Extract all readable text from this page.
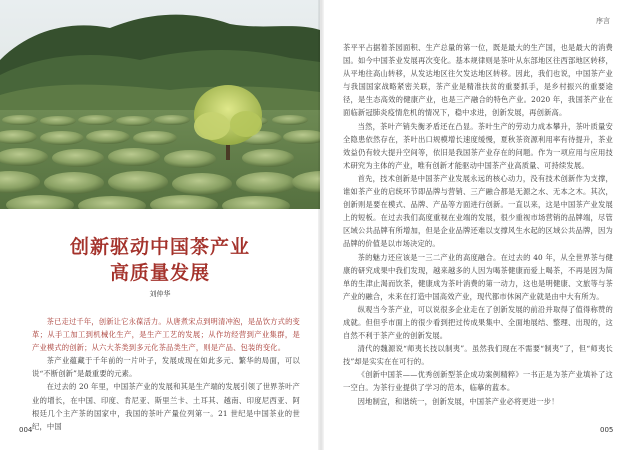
创新驱动中国茶产业
高质量发展
刘仲华

茶已走过千年，创新让它永葆活力。从唐煮宋点到明清冲泡，是品饮方式的变革；从手工加工到机械化生产，是生产工艺的发展；从作坊经营到产业集群，是产业模式的创新；从六大茶类到多元化茶品类生产，则是产品、包装的变化。

茶产业蕴藏于千年前的一片叶子，发展成现在如此多元、繁华的局面，可以说“不断创新”是最重要的元素。

在过去的 20 年里，中国茶产业的发展和其是生产端的发展引领了世界茶叶产业的增长，在中国、印度、肯尼亚、斯里兰卡、土耳其、越南、印度尼西亚、阿根廷几个主产茶的国家中，我国的茶叶产量位列第一。21 世纪是中国茶业的世纪，中国

004
序言

茶平平占据着茶园面积、生产总量的第一位，既是最大的生产国，也是最大的消费国。如今中国茶业发展再次变化。基本规律则是茶叶从东部地区往西部地区转移，从平地往高山转移，从发达地区往欠发达地区转移。因此，我们也说，中国茶产业与我国国家战略紧密关联，茶产业是精准扶贫的重要抓手，是乡村振兴的重要途径，是生态高效的健康产业，也是三产融合的特色产业。2020 年，我国茶产业在面临新冠肺炎疫情危机的情况下，稳中求进，创新发展，再创新高。

当然，茶叶产销失衡矛盾还在凸显。茶叶生产的劳动力成本攀升，茶叶质量安全隐患依然存在，茶叶出口规模增长速度缓慢，夏秋茶资源利用率有待提升，茶业效益仍有较大提升空间等，依旧是我国茶产业存在的问题。作为一项应用与应用技术研究为主体的产业，唯有创新才能驱动中国茶产业高质量、可持续发展。

首先，技术创新是中国茶产业发展永远的核心动力，没有技术创新作为支撑，谁如茶产业的启统环节即品牌与营销、三产融合都是无源之水、无本之木。其次，创新则是要在模式、品牌、产品等方面进行创新。一直以来，这是中国茶产业发展上的短板。在过去我们高度重视在业端的发展，很少重视市场营销的品牌端，尽管区域公共品牌有所增加，但是企业品牌还难以支撑风生水起的区域公共品牌，因为品牌的价值是以市场决定的。

茶的魅力还应该是一三二产业的高度融合。在过去的 40 年，从全世界茶与健康的研究成果中我们发现，越来越多的人因为喝茶健康而爱上喝茶，不再是因为简单的生津止渴而饮茶，健康成为茶叶消费的第一动力，这也是明健康、文旅等与茶产业的融合，未来在打造中国高效产业，现代都市休闲产业就是由中大有所为。

纵观当今茶产业，可以说很多企业走在了创新发展的前沿并取得了值得称赞的成就。但但乎市面上的很少看到把过传成果集中、全面地展结、整理、出现的，这自然不利于茶产业的创新发展。

清代的魏源说“师夷长技以制夷”。虽然我们现在不需要“制夷”了，但“师夷长技”却是实实在在可行的。

《创新中国茶——优秀创新型茶企成功案例精粹》一书正是为茶产业填补了这一空白。为茶行业提供了学习的范本，临摹的蓝本。

因地制宜，和谐统一，创新发展，中国茶产业必将更进一步！

005
